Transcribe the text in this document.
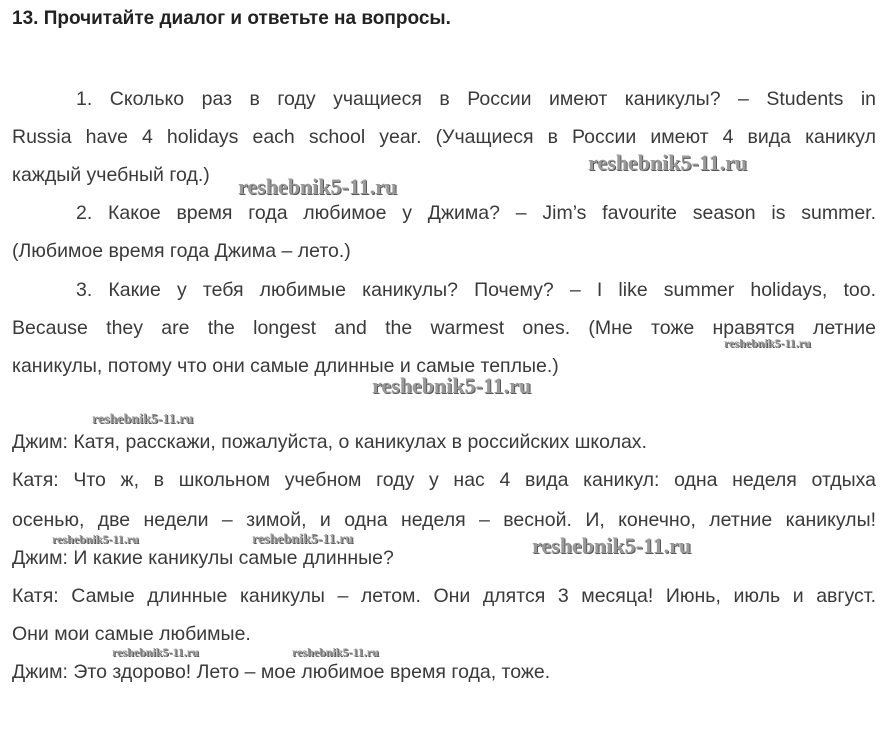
13. Прочитайте диалог и ответьте на вопросы.
1. Сколько раз в году учащиеся в России имеют каникулы? – Students in
Russia have 4 holidays each school year. (Учащиеся в России имеют 4 вида каникул
каждый учебный год.)
2. Какое время года любимое у Джима? – Jim’s favourite season is summer.
(Любимое время года Джима – лето.)
3. Какие у тебя любимые каникулы? Почему? – I like summer holidays, too.
Because they are the longest and the warmest ones. (Мне тоже нравятся летние
каникулы, потому что они самые длинные и самые теплые.)
Джим: Катя, расскажи, пожалуйста, о каникулах в российских школах.
Катя: Что ж, в школьном учебном году у нас 4 вида каникул: одна неделя отдыха
осенью, две недели – зимой, и одна неделя – весной. И, конечно, летние каникулы!
Джим: И какие каникулы самые длинные?
Катя: Самые длинные каникулы – летом. Они длятся 3 месяца! Июнь, июль и август.
Они мои самые любимые.
Джим: Это здорово! Лето – мое любимое время года, тоже.
reshebnik5-11.ru
reshebnik5-11.ru
reshebnik5-11.ru
reshebnik5-11.ru
reshebnik5-11.ru
reshebnik5-11.ru	reshebnik5-11.ru	reshebnik5-11.ru
reshebnik5-11.ru	reshebnik5-11.ru
